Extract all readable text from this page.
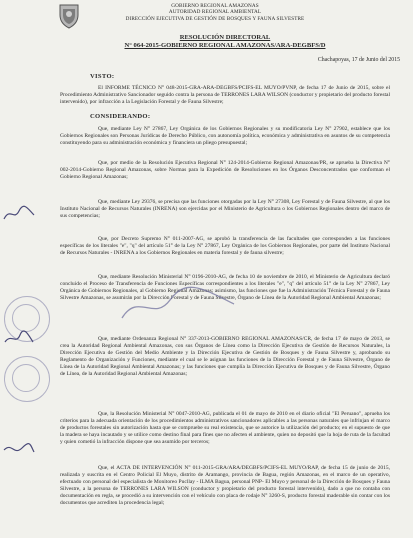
GOBIERNO REGIONAL AMAZONAS
AUTORIDAD REGIONAL AMBIENTAL
DIRECCIÓN EJECUTIVA DE GESTIÓN DE BOSQUES Y FAUNA SILVESTRE
RESOLUCIÓN DIRECTORAL
N° 064-2015-GOBIERNO REGIONAL AMAZONAS/ARA-DEGBFS/D
Chachapoyas, 17 de Junio del 2015
VISTO:
El INFORME TÉCNICO N° 048-2015-GRA-ARA-DEGBFS/PCIFS-EL MUYO/PVNP, de fecha 17 de Junio de 2015, sobre el Procedimiento Administrativo Sancionador seguido contra la persona de TERRONES LARA WILSON (conductor y propietario del producto forestal intervenido), por infracción a la Legislación Forestal y de Fauna Silvestre;
CONSIDERANDO:
Que, mediante Ley N° 27867, Ley Orgánica de los Gobiernos Regionales y su modificatoria Ley N° 27902, establece que los Gobiernos Regionales son Personas Jurídicas de Derecho Público, con autonomía política, económica y administrativa en asuntos de su competencia constituyendo para su administración económica y financiera un pliego presupuestal;
Que, por medio de la Resolución Ejecutiva Regional N° 124-2014-Gobierno Regional Amazonas/PR, se aprueba la Directiva N° 002-2014-Gobierno Regional Amazonas, sobre Normas para la Expedición de Resoluciones en los Órganos Desconcentrados que conforman el Gobierno Regional Amazonas;
Que, mediante Ley 29376, se precisa que las funciones otorgadas por la Ley N° 27308, Ley Forestal y de Fauna Silvestre, al que los Instituto Nacional de Recursos Naturales (INRENA) son ejercidas por el Ministerio de Agricultura o los Gobiernos Regionales dentro del marco de sus competencias;
Que, por Decreto Supremo N° 011-2007-AG, se aprobó la transferencia de las facultades que corresponden a las funciones específicas de los literales "e", "q" del artículo 51° de la Ley N° 27867, Ley Orgánica de los Gobiernos Regionales, por parte del Instituto Nacional de Recursos Naturales - INRENA a los Gobiernos Regionales en materia forestal y de fauna silvestre;
Que, mediante Resolución Ministerial N° 0196-2010-AG, de fecha 10 de noviembre de 2010, el Ministerio de Agricultura declaró concluido el Proceso de Transferencia de Funciones Específicas correspondientes a los literales "e", "q" del artículo 51° de la Ley N° 27867, Ley Orgánica de Gobiernos Regionales, al Gobierno Regional Amazonas; asimismo, las funciones que fue la Administración Técnica Forestal y de Fauna Silvestre Amazonas, se asumirán por la Dirección Forestal y de Fauna Silvestre, Órgano de Línea de la Autoridad Regional Ambiental Amazonas;
Que, mediante Ordenanza Regional N° 337-2013-GOBIERNO REGIONAL AMAZONAS/CR, de fecha 17 de mayo de 2013, se crea la Autoridad Regional Ambiental Amazonas, con sus Órganos de Línea como la Dirección Ejecutiva de Gestión de Recursos Naturales, la Dirección Ejecutiva de Gestión del Medio Ambiente y la Dirección Ejecutiva de Gestión de Bosques y de Fauna Silvestre y, aprobando su Reglamento de Organización y Funciones, mediante el cual se le asignan las funciones de la Dirección Forestal y de Fauna Silvestre, Órgano de Línea de la Autoridad Regional Ambiental Amazonas; y las funciones que cumplía la Dirección Ejecutiva de Bosques y de Fauna Silvestre, Órgano de Línea, de la Autoridad Regional Ambiental Amazonas;
Que, la Resolución Ministerial N° 0047-2010-AG, publicada el 01 de mayo de 2010 en el diario oficial "El Peruano", aprueba los criterios para la adecuada orientación de los procedimientos administrativos sancionadores aplicables a las personas naturales que infrinjan el marco de productos forestales sin autorización hasta que se compruebe su real existencia, que se autorice la utilización del producto; en el supuesto de que la madera se haya incautado y se utilice como destino final para fines que no afecten el ambiente, quien no depositó que la hoja de ruta de la facultad y quien cometió la infracción dispone que sea asumido por terceros;
Que, el ACTA DE INTERVENCIÓN N° 011-2015-GRA/ARA/DEGBFS/PCIFS-EL MUYO/RAP, de fecha 15 de junio de 2015, realizada y suscrita en el Centro Policial El Muyo, distrito de Aramango, provincia de Bagua, región Amazonas, en el marco de un operativo, efectuado con personal del especialista de Monitoreo Pucllay - ILMA Bagua, personal PNP- El Muyo y personal de la Dirección de Bosques y Fauna Silvestre, a la persona de TERRONES LARA WILSON (conductor y propietario del producto forestal intervenido), dado a que no contaba con documentación en regla, se procedió a su intervención con el vehículo con placa de rodaje N° 3260-S, producto forestal maderable sin contar con los documentos que acrediten la procedencia legal;
